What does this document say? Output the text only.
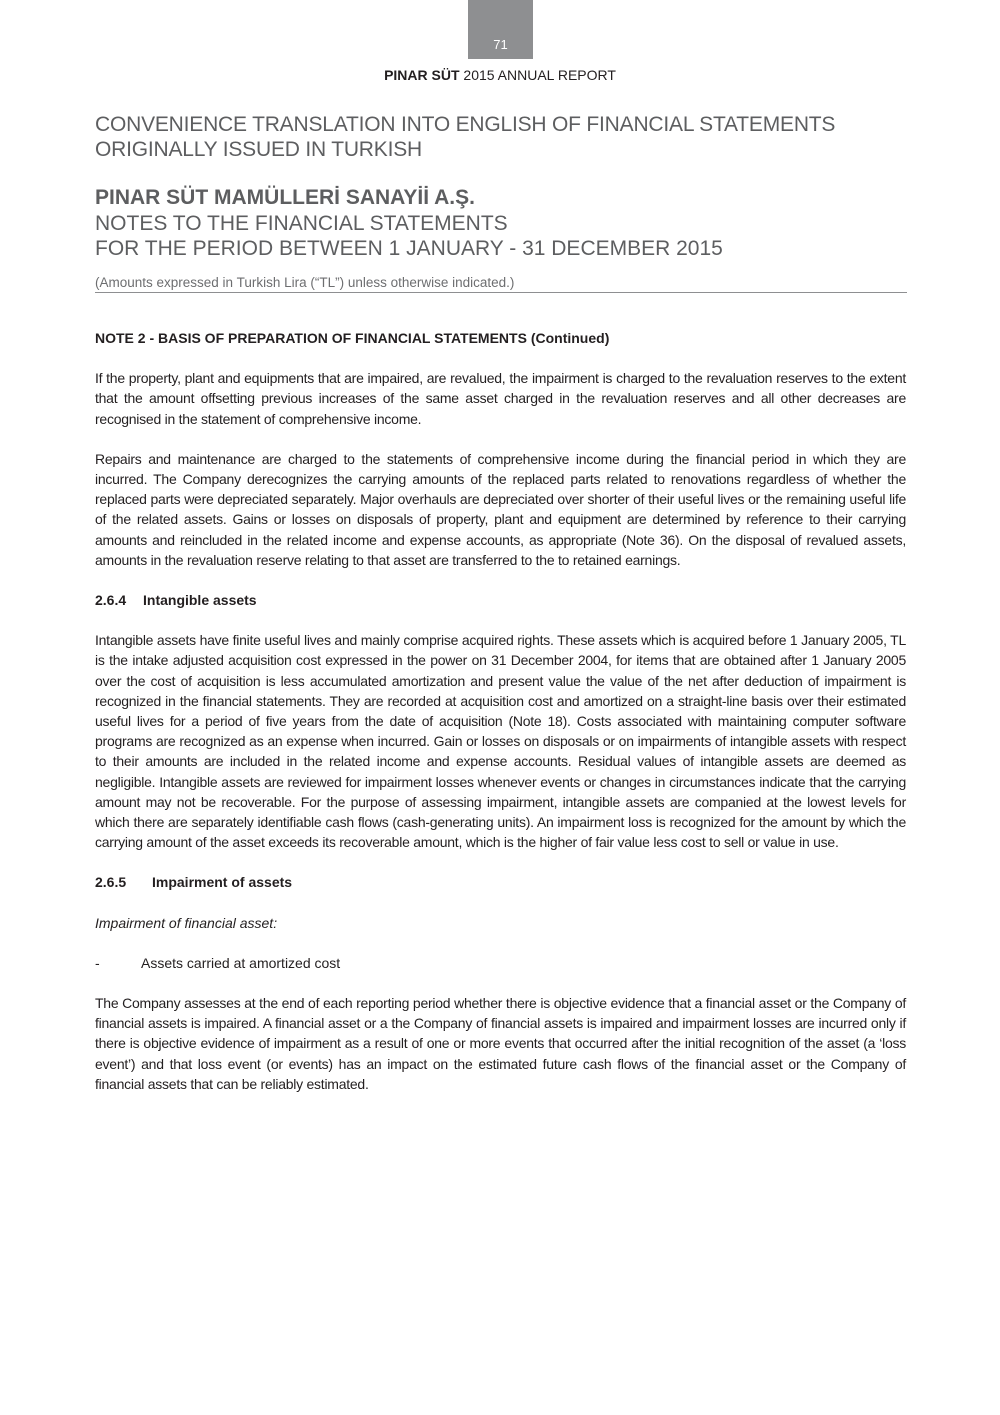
71
PINAR SÜT 2015 ANNUAL REPORT
CONVENIENCE TRANSLATION INTO ENGLISH OF FINANCIAL STATEMENTS
ORIGINALLY ISSUED IN TURKISH
PINAR SÜT MAMÜLLERİ SANAYİİ A.Ş.
NOTES TO THE FINANCIAL STATEMENTS
FOR THE PERIOD BETWEEN 1 JANUARY - 31 DECEMBER 2015
(Amounts expressed in Turkish Lira (“TL”) unless otherwise indicated.)
NOTE 2 - BASIS OF PREPARATION OF FINANCIAL STATEMENTS (Continued)

If the property, plant and equipments that are impaired, are revalued, the impairment is charged to the revaluation reserves to the extent that the amount offsetting previous increases of the same asset charged in the revaluation reserves and all other decreases are recognised in the statement of comprehensive income.

Repairs and maintenance are charged to the statements of comprehensive income during the financial period in which they are incurred. The Company derecognizes the carrying amounts of the replaced parts related to renovations regardless of whether the replaced parts were depreciated separately. Major overhauls are depreciated over shorter of their useful lives or the remaining useful life of the related assets. Gains or losses on disposals of property, plant and equipment are determined by reference to their carrying amounts and reincluded in the related income and expense accounts, as appropriate (Note 36). On the disposal of revalued assets, amounts in the revaluation reserve relating to that asset are transferred to the to retained earnings.

2.6.4 Intangible assets

Intangible assets have finite useful lives and mainly comprise acquired rights. These assets which is acquired before 1 January 2005, TL is the intake adjusted acquisition cost expressed in the power on 31 December 2004, for items that are obtained after 1 January 2005 over the cost of acquisition is less accumulated amortization and present value the value of the net after deduction of impairment is recognized in the financial statements. They are recorded at acquisition cost and amortized on a straight-line basis over their estimated useful lives for a period of five years from the date of acquisition (Note 18). Costs associated with maintaining computer software programs are recognized as an expense when incurred. Gain or losses on disposals or on impairments of intangible assets with respect to their amounts are included in the related income and expense accounts. Residual values of intangible assets are deemed as negligible. Intangible assets are reviewed for impairment losses whenever events or changes in circumstances indicate that the carrying amount may not be recoverable. For the purpose of assessing impairment, intangible assets are companied at the lowest levels for which there are separately identifiable cash flows (cash-generating units). An impairment loss is recognized for the amount by which the carrying amount of the asset exceeds its recoverable amount, which is the higher of fair value less cost to sell or value in use.

2.6.5 Impairment of assets
Impairment of financial asset:
-	Assets carried at amortized cost

The Company assesses at the end of each reporting period whether there is objective evidence that a financial asset or the Company of financial assets is impaired. A financial asset or a the Company of financial assets is impaired and impairment losses are incurred only if there is objective evidence of impairment as a result of one or more events that occurred after the initial recognition of the asset (a ‘loss event’) and that loss event (or events) has an impact on the estimated future cash flows of the financial asset or the Company of financial assets that can be reliably estimated.
